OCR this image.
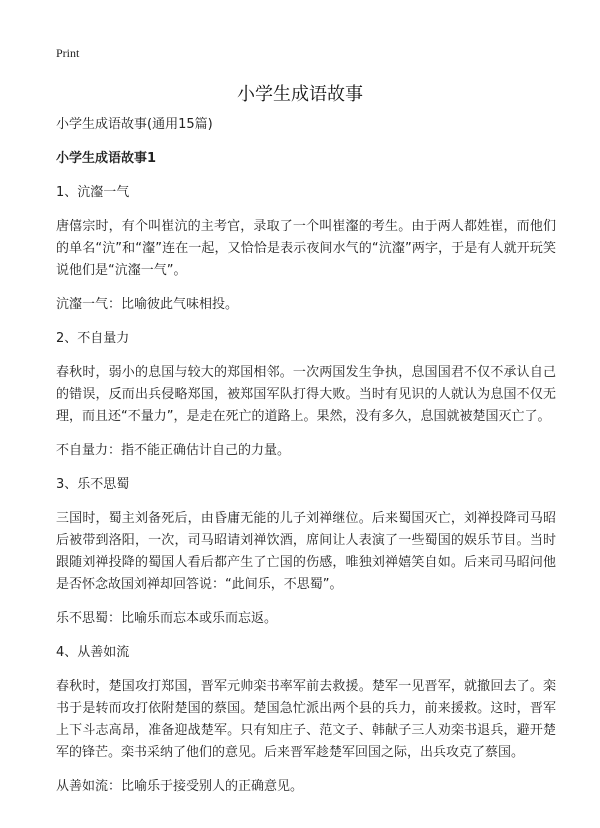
Print
小学生成语故事

小学生成语故事(通用15篇)

小学生成语故事1

1、沆瀣一气

唐僖宗时，有个叫崔沆的主考官，录取了一个叫崔瀣的考生。由于两人都姓崔，而他们的单名“沆”和“瀣”连在一起，又恰恰是表示夜间水气的“沆瀣”两字，于是有人就开玩笑说他们是“沆瀣一气”。

沆瀣一气：比喻彼此气味相投。

2、不自量力

春秋时，弱小的息国与较大的郑国相邻。一次两国发生争执，息国国君不仅不承认自己的错误，反而出兵侵略郑国，被郑国军队打得大败。当时有见识的人就认为息国不仅无理，而且还“不量力”，是走在死亡的道路上。果然，没有多久，息国就被楚国灭亡了。

不自量力：指不能正确估计自己的力量。

3、乐不思蜀

三国时，蜀主刘备死后，由昏庸无能的儿子刘禅继位。后来蜀国灭亡，刘禅投降司马昭后被带到洛阳，一次，司马昭请刘禅饮酒，席间让人表演了一些蜀国的娱乐节目。当时跟随刘禅投降的蜀国人看后都产生了亡国的伤感，唯独刘禅嬉笑自如。后来司马昭问他是否怀念故国刘禅却回答说：“此间乐，不思蜀”。

乐不思蜀：比喻乐而忘本或乐而忘返。

4、从善如流

春秋时，楚国攻打郑国，晋军元帅栾书率军前去救援。楚军一见晋军，就撤回去了。栾书于是转而攻打依附楚国的蔡国。楚国急忙派出两个县的兵力，前来援救。这时，晋军上下斗志高昂，准备迎战楚军。只有知庄子、范文子、韩献子三人劝栾书退兵，避开楚军的锋芒。栾书采纳了他们的意见。后来晋军趁楚军回国之际，出兵攻克了蔡国。

从善如流：比喻乐于接受别人的正确意见。
